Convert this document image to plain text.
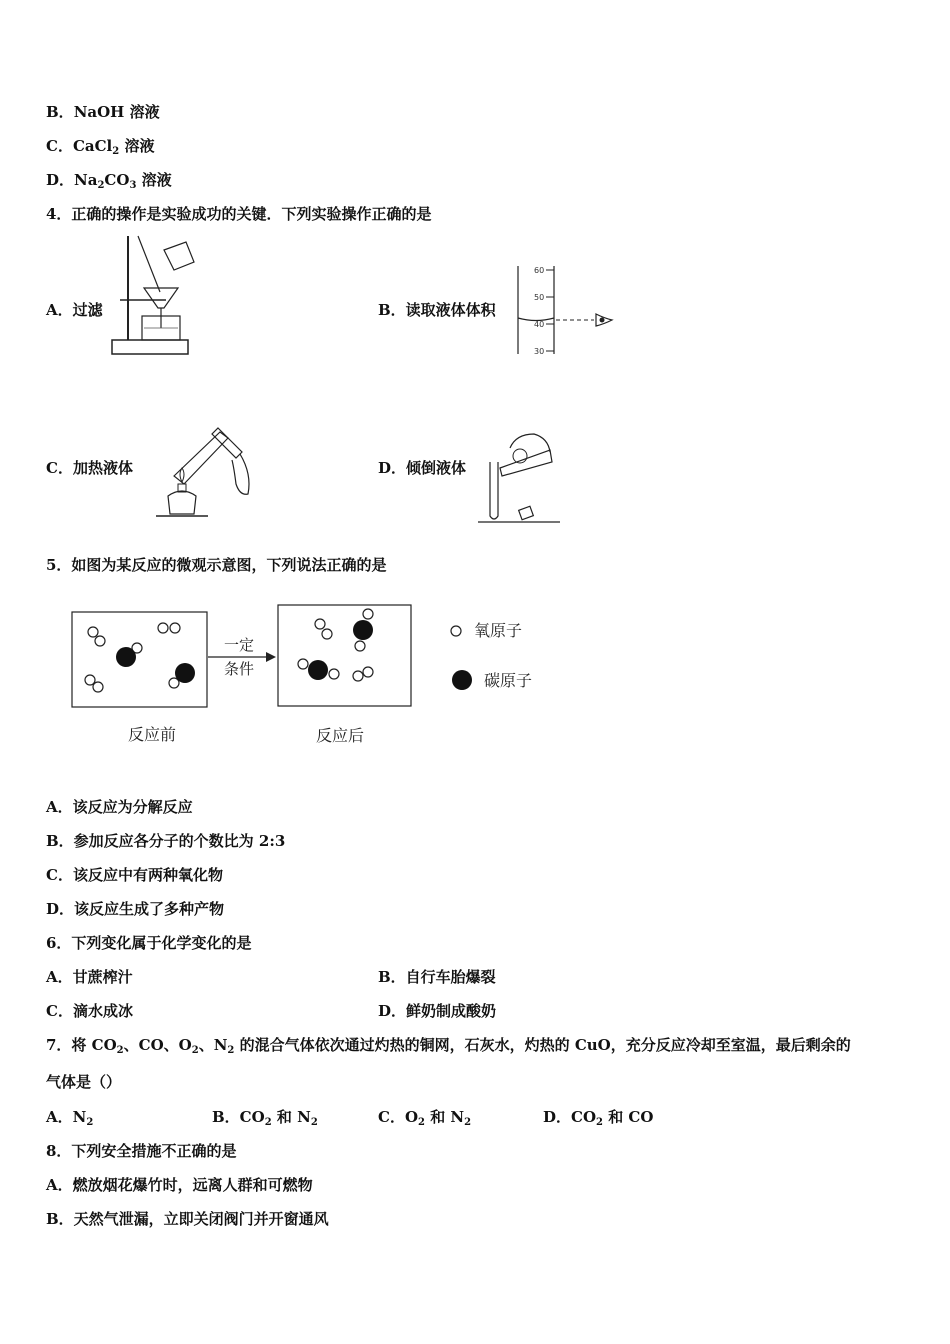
B．NaOH 溶液
C．CaCl$_2$ 溶液
D．$Na_2CO_3$ 溶液
4．正确的操作是实验成功的关键．下列实验操作正确的是
A．过滤	B．读取液体体积
60
50
40
30
C．加热液体	D．倾倒液体
5．如图为某反应的微观示意图，下列说法正确的是
一定
条件
氧原子
碳原子
反应前	反应后
A．该反应为分解反应
B．参加反应各分子的个数比为 2:3
C．该反应中有两种氧化物
D．该反应生成了多种产物
6．下列变化属于化学变化的是
A．甘蔗榨汁	B．自行车胎爆裂
C．滴水成冰	D．鲜奶制成酸奶
7．将 $CO_2$、CO、$O_2$、$N_2$ 的混合气体依次通过灼热的铜网，石灰水，灼热的 CuO，充分反应冷却至室温，最后剩余的
气体是（）
A．$N_2$	B．$CO_2$ 和 $N_2$	C．$O_2$ 和 $N_2$	D．$CO_2$ 和 CO
8．下列安全措施不正确的是
A．燃放烟花爆竹时，远离人群和可燃物
B．天然气泄漏，立即关闭阀门并开窗通风
